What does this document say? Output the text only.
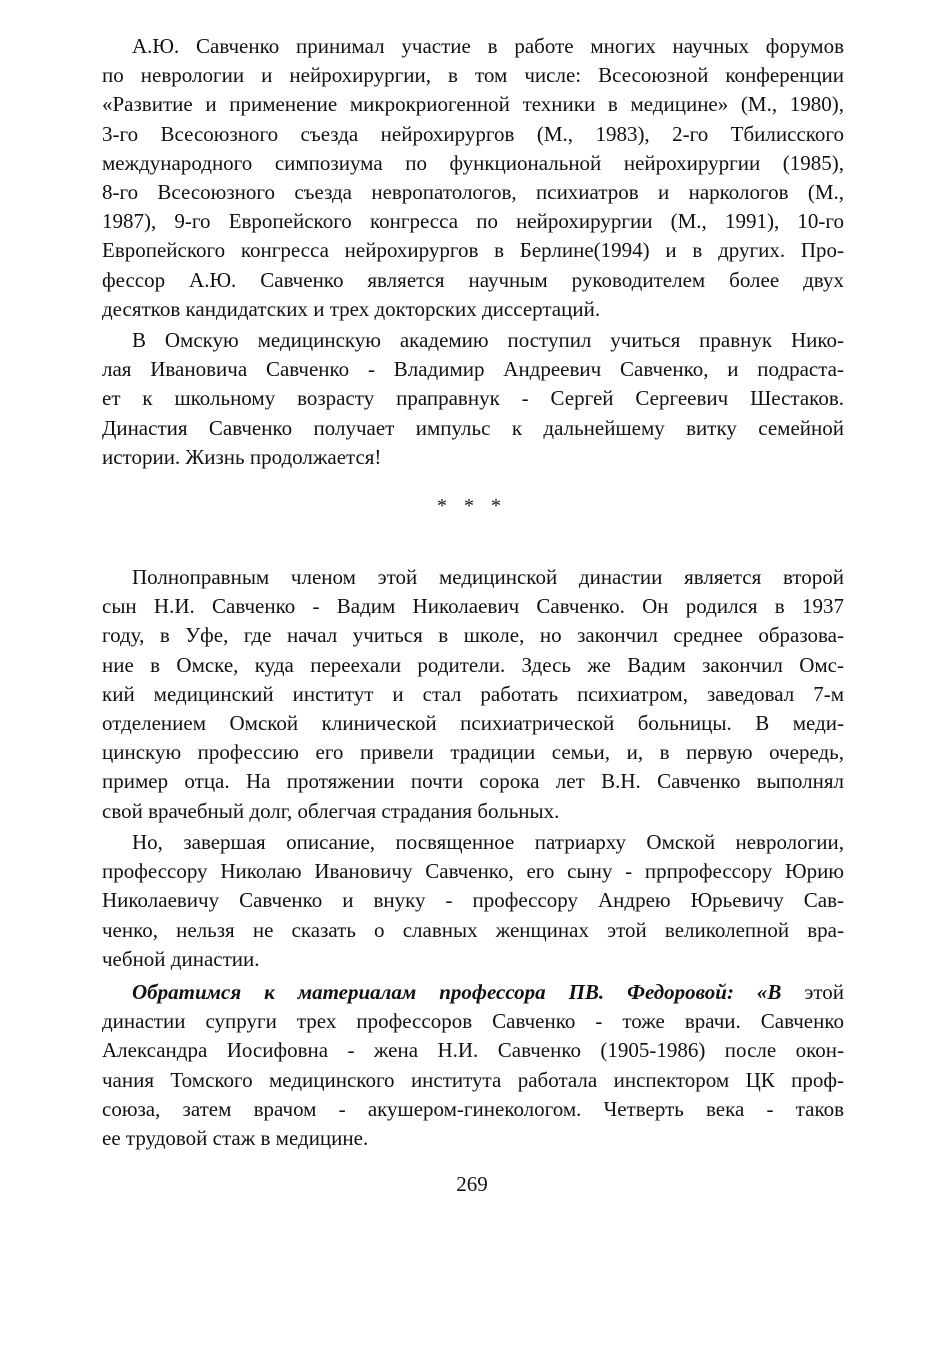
А.Ю. Савченко принимал участие в работе многих научных форумов
по неврологии и нейрохирургии, в том числе: Всесоюзной конференции
«Развитие и применение микрокриогенной техники в медицине» (М., 1980),
3-го Всесоюзного съезда нейрохирургов (М., 1983), 2-го Тбилисского
международного симпозиума по функциональной нейрохирургии (1985),
8-го Всесоюзного съезда невропатологов, психиатров и наркологов (М.,
1987), 9-го Европейского конгресса по нейрохирургии (М., 1991), 10-го
Европейского конгресса нейрохирургов в Берлине(1994) и в других. Про-
фессор А.Ю. Савченко является научным руководителем более двух
десятков кандидатских и трех докторских диссертаций.
В Омскую медицинскую академию поступил учиться правнук Нико-
лая Ивановича Савченко - Владимир Андреевич Савченко, и подраста-
ет к школьному возрасту праправнук - Сергей Сергеевич Шестаков.
Династия Савченко получает импульс к дальнейшему витку семейной
истории. Жизнь продолжается!
* * *
Полноправным членом этой медицинской династии является второй
сын Н.И. Савченко - Вадим Николаевич Савченко. Он родился в 1937
году, в Уфе, где начал учиться в школе, но закончил среднее образова-
ние в Омске, куда переехали родители. Здесь же Вадим закончил Омс-
кий медицинский институт и стал работать психиатром, заведовал 7-м
отделением Омской клинической психиатрической больницы. В меди-
цинскую профессию его привели традиции семьи, и, в первую очередь,
пример отца. На протяжении почти сорока лет В.Н. Савченко выполнял
свой врачебный долг, облегчая страдания больных.
Но, завершая описание, посвященное патриарху Омской неврологии,
профессору Николаю Ивановичу Савченко, его сыну - прпрофессору Юрию
Николаевичу Савченко и внуку - профессору Андрею Юрьевичу Сав-
ченко, нельзя не сказать о славных женщинах этой великолепной вра-
чебной династии.
Обратимся к материалам профессора ПВ. Федоровой: «В этой
династии супруги трех профессоров Савченко - тоже врачи. Савченко
Александра Иосифовна - жена Н.И. Савченко (1905-1986) после окон-
чания Томского медицинского института работала инспектором ЦК проф-
союза, затем врачом - акушером-гинекологом. Четверть века - таков
ее трудовой стаж в медицине.
269
